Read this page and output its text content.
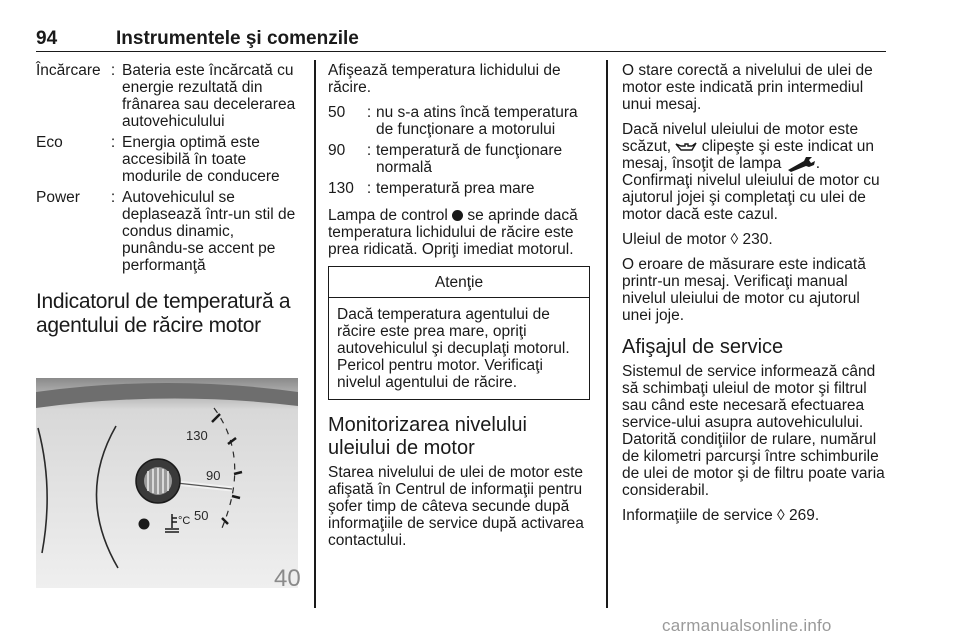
94	Instrumentele şi comenzile
Încărcare : Bateria este încărcată cu energie rezultată din frânarea sau decelerarea autovehiculului
Eco	: Energia optimă este accesibilă în toate modurile de conducere
Power	: Autovehiculul se deplasează într-un stil de condus dinamic, punându-se accent pe performanţă
Indicatorul de temperatură a agentului de răcire motor
130
90
50
°C
40

Afişează temperatura lichidului de răcire.

50	: nu s-a atins încă temperatura de funcţionare a motorului
90	: temperatură de funcţionare normală
130 : temperatură prea mare

Lampa de control se aprinde dacă temperatura lichidului de răcire este prea ridicată. Opriţi imediat motorul.

Atenţie
Dacă temperatura agentului de răcire este prea mare, opriţi autovehiculul şi decuplaţi motorul. Pericol pentru motor. Verificaţi nivelul agentului de răcire.
Monitorizarea nivelului uleiului de motor

Starea nivelului de ulei de motor este afişată în Centrul de informaţii pentru şofer timp de câteva secunde după informaţiile de service după activarea contactului.

O stare corectă a nivelului de ulei de motor este indicată prin intermediul unui mesaj.

Dacă nivelul uleiului de motor este scăzut, clipeşte şi este indicat un mesaj, însoţit de lampa .
Confirmaţi nivelul uleiului de motor cu ajutorul jojei şi completaţi cu ulei de motor dacă este cazul.

Uleiul de motor ◊ 230.

O eroare de măsurare este indicată printr-un mesaj. Verificaţi manual nivelul uleiului de motor cu ajutorul unei joje.

Afişajul de service

Sistemul de service informează când să schimbaţi uleiul de motor şi filtrul sau când este necesară efectuarea service-ului asupra autovehiculului. Datorită condiţiilor de rulare, numărul de kilometri parcurşi între schimburile de ulei de motor şi de filtru poate varia considerabil.

Informaţiile de service ◊ 269.

carmanualsonline.info
